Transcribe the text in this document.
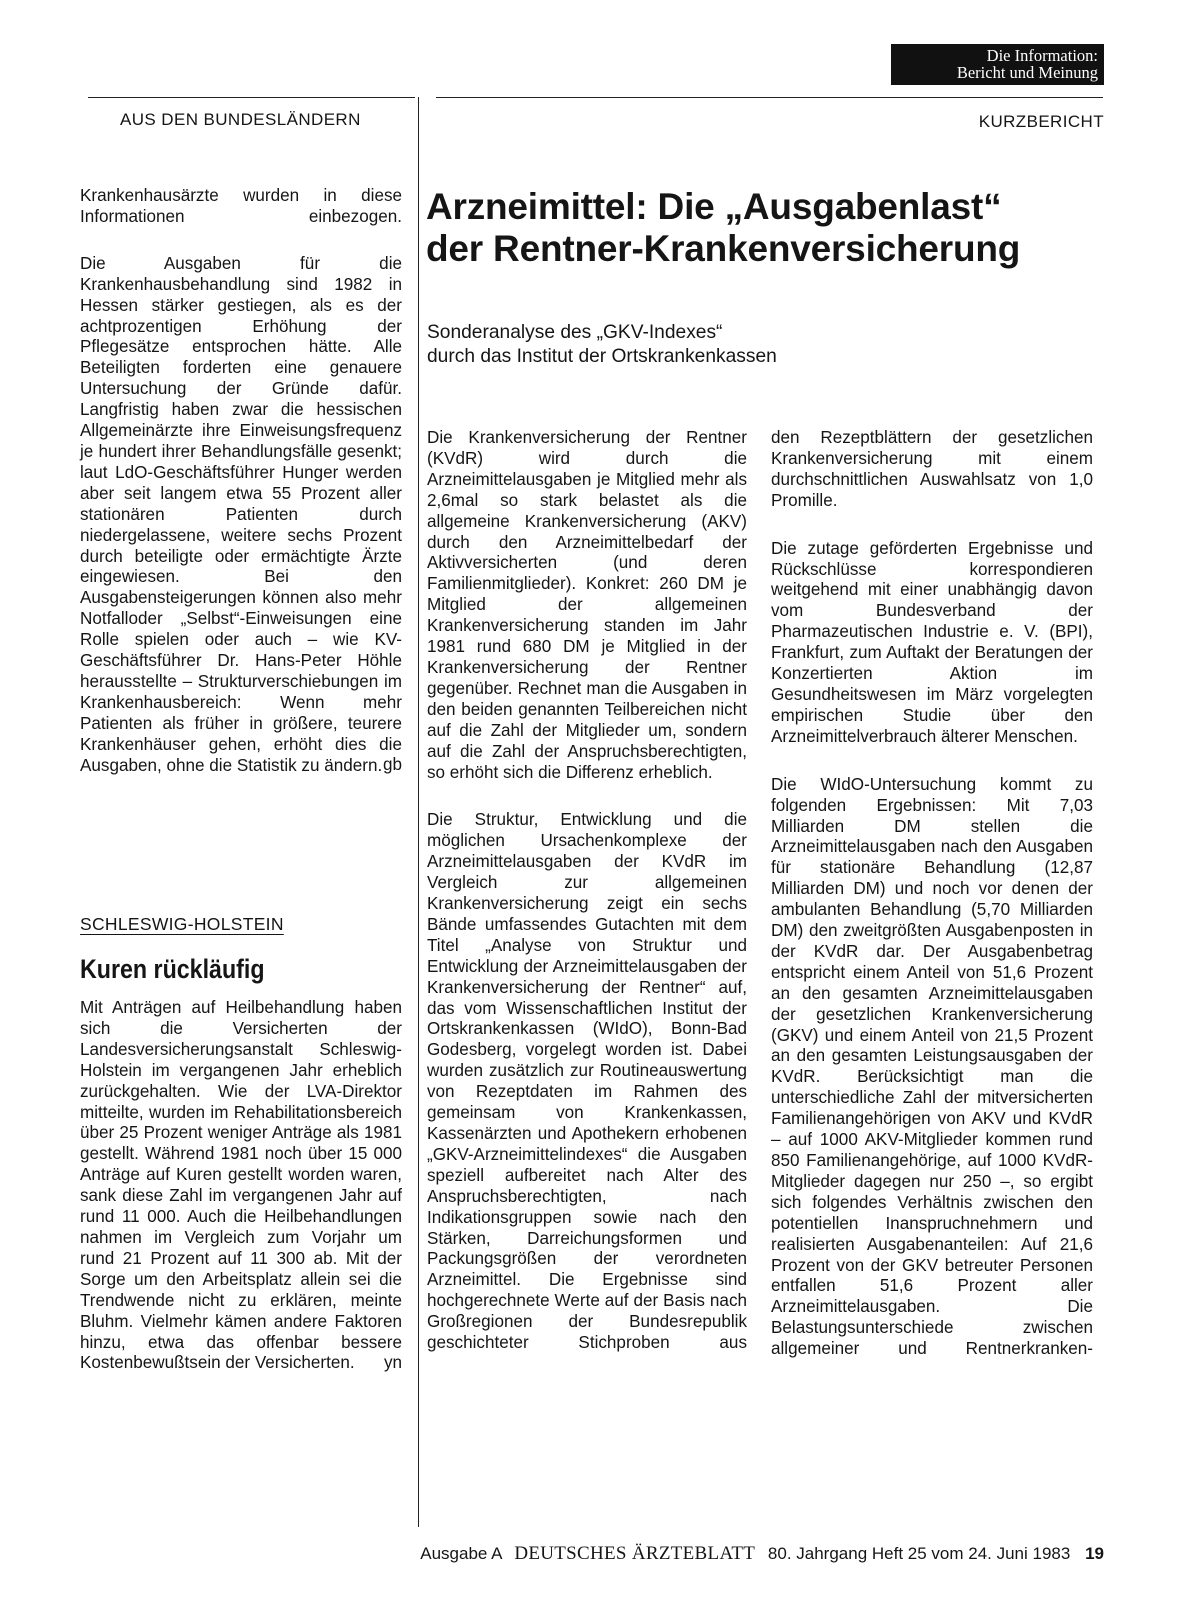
Die Information:
Bericht und Meinung
AUS DEN BUNDESLÄNDERN	KURZBERICHT

Krankenhausärzte wurden in diese Informationen einbezogen.

Die Ausgaben für die Krankenhausbehandlung sind 1982 in Hessen stärker gestiegen, als es der achtprozentigen Erhöhung der Pflegesätze entsprochen hätte. Alle Beteiligten forderten eine genauere Untersuchung der Gründe dafür. Langfristig haben zwar die hessischen Allgemeinärzte ihre Einweisungsfrequenz je hundert ihrer Behandlungsfälle gesenkt; laut LdO-Geschäftsführer Hunger werden aber seit langem etwa 55 Prozent aller stationären Patienten durch niedergelassene, weitere sechs Prozent durch beteiligte oder ermächtigte Ärzte eingewiesen. Bei den Ausgabensteigerungen können also mehr Notfalloder „Selbst“-Einweisungen eine Rolle spielen oder auch – wie KV-Geschäftsführer Dr. Hans-Peter Höhle herausstellte – Strukturverschiebungen im Krankenhausbereich: Wenn mehr Patienten als früher in größere, teurere Krankenhäuser gehen, erhöht dies die Ausgaben, ohne die Statistik zu ändern. gb
SCHLESWIG-HOLSTEIN
Kuren rückläufig

Mit Anträgen auf Heilbehandlung haben sich die Versicherten der Landesversicherungsanstalt Schleswig-Holstein im vergangenen Jahr erheblich zurückgehalten. Wie der LVA-Direktor mitteilte, wurden im Rehabilitationsbereich über 25 Prozent weniger Anträge als 1981 gestellt. Während 1981 noch über 15 000 Anträge auf Kuren gestellt worden waren, sank diese Zahl im vergangenen Jahr auf rund 11 000. Auch die Heilbehandlungen nahmen im Vergleich zum Vorjahr um rund 21 Prozent auf 11 300 ab. Mit der Sorge um den Arbeitsplatz allein sei die Trendwende nicht zu erklären, meinte Bluhm. Vielmehr kämen andere Faktoren hinzu, etwa das offenbar bessere Kostenbewußtsein der Versicherten.	yn
Arzneimittel: Die „Ausgabenlast“
der Rentner-Krankenversicherung
Sonderanalyse des „GKV-Indexes“
durch das Institut der Ortskrankenkassen

Die Krankenversicherung der Rentner (KVdR) wird durch die Arzneimittelausgaben je Mitglied mehr als 2,6mal so stark belastet als die allgemeine Krankenversicherung (AKV) durch den Arzneimittelbedarf der Aktivversicherten (und deren Familienmitglieder). Konkret: 260 DM je Mitglied der allgemeinen Krankenversicherung standen im Jahr 1981 rund 680 DM je Mitglied in der Krankenversicherung der Rentner gegenüber. Rechnet man die Ausgaben in den beiden genannten Teilbereichen nicht auf die Zahl der Mitglieder um, sondern auf die Zahl der Anspruchsberechtigten, so erhöht sich die Differenz erheblich.

Die Struktur, Entwicklung und die möglichen Ursachenkomplexe der Arzneimittelausgaben der KVdR im Vergleich zur allgemeinen Krankenversicherung zeigt ein sechs Bände umfassendes Gutachten mit dem Titel „Analyse von Struktur und Entwicklung der Arzneimittelausgaben der Krankenversicherung der Rentner“ auf, das vom Wissenschaftlichen Institut der Ortskrankenkassen (WIdO), Bonn-Bad Godesberg, vorgelegt worden ist. Dabei wurden zusätzlich zur Routineauswertung von Rezeptdaten im Rahmen des gemeinsam von Krankenkassen, Kassenärzten und Apothekern erhobenen „GKV-Arzneimittelindexes“ die Ausgaben speziell aufbereitet nach Alter des Anspruchsberechtigten, nach Indikationsgruppen sowie nach den Stärken, Darreichungsformen und Packungsgrößen der verordneten Arzneimittel. Die Ergebnisse sind hochgerechnete Werte auf der Basis nach Großregionen der Bundesrepublik geschichteter Stichproben aus

den Rezeptblättern der gesetzlichen Krankenversicherung mit einem durchschnittlichen Auswahlsatz von 1,0 Promille.

Die zutage geförderten Ergebnisse und Rückschlüsse korrespondieren weitgehend mit einer unabhängig davon vom Bundesverband der Pharmazeutischen Industrie e. V. (BPI), Frankfurt, zum Auftakt der Beratungen der Konzertierten Aktion im Gesundheitswesen im März vorgelegten empirischen Studie über den Arzneimittelverbrauch älterer Menschen.

Die WIdO-Untersuchung kommt zu folgenden Ergebnissen: Mit 7,03 Milliarden DM stellen die Arzneimittelausgaben nach den Ausgaben für stationäre Behandlung (12,87 Milliarden DM) und noch vor denen der ambulanten Behandlung (5,70 Milliarden DM) den zweitgrößten Ausgabenposten in der KVdR dar. Der Ausgabenbetrag entspricht einem Anteil von 51,6 Prozent an den gesamten Arzneimittelausgaben der gesetzlichen Krankenversicherung (GKV) und einem Anteil von 21,5 Prozent an den gesamten Leistungsausgaben der KVdR. Berücksichtigt man die unterschiedliche Zahl der mitversicherten Familienangehörigen von AKV und KVdR – auf 1000 AKV-Mitglieder kommen rund 850 Familienangehörige, auf 1000 KVdR-Mitglieder dagegen nur 250 –, so ergibt sich folgendes Verhältnis zwischen den potentiellen Inanspruchnehmern und realisierten Ausgabenanteilen: Auf 21,6 Prozent von der GKV betreuter Personen entfallen 51,6 Prozent aller Arzneimittelausgaben. Die Belastungsunterschiede zwischen allgemeiner und Rentnerkranken-

Ausgabe A DEUTSCHES ÄRZTEBLATT 80. Jahrgang Heft 25 vom 24. Juni 1983 19
